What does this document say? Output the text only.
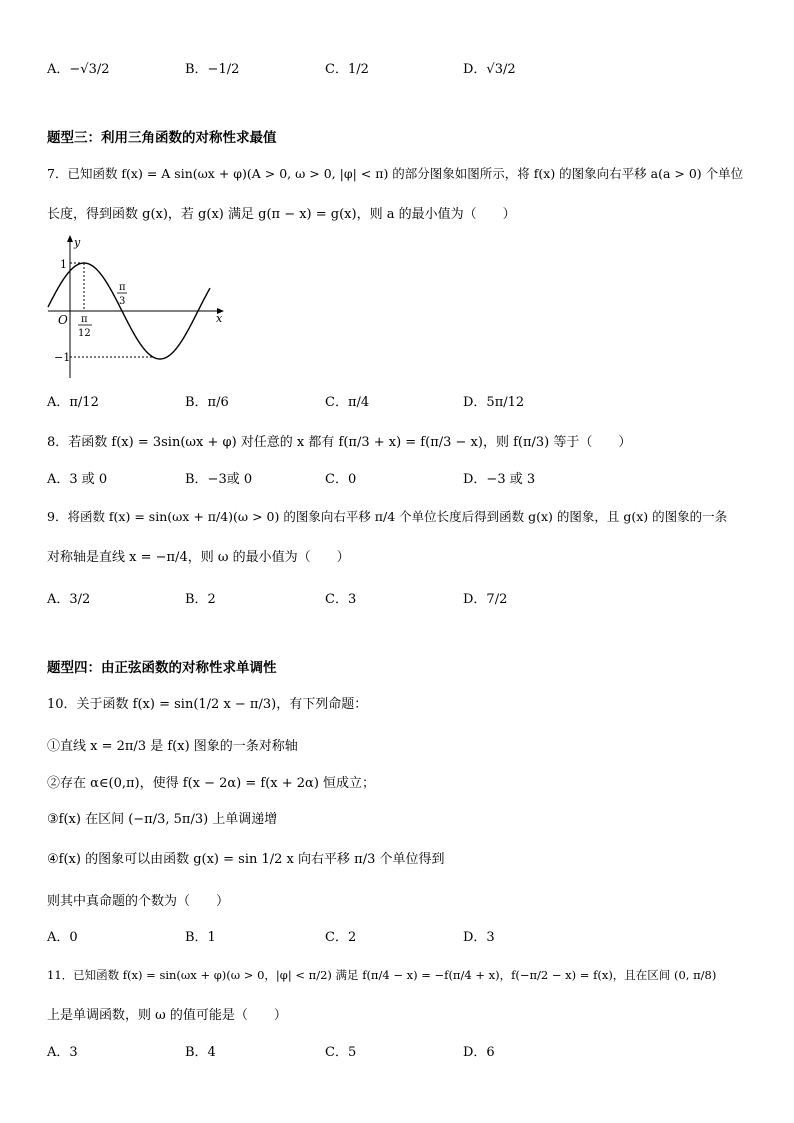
A．−√3/2	B．−1/2	C．1/2	D．√3/2
题型三：利用三角函数的对称性求最值
7．已知函数 f(x) = A sin(ωx + φ)(A > 0, ω > 0, |φ| < π) 的部分图象如图所示，将 f(x) 的图象向右平移 a(a > 0) 个单位
长度，得到函数 g(x)，若 g(x) 满足 g(π − x) = g(x)，则 a 的最小值为（　　）
y
x
O
1
−1
π
12
π
3
A．π/12	B．π/6	C．π/4	D．5π/12
8．若函数 f(x) = 3sin(ωx + φ) 对任意的 x 都有 f(π/3 + x) = f(π/3 − x)，则 f(π/3) 等于（　　）
A．3 或 0	B．−3或 0	C．0	D．−3 或 3
9．将函数 f(x) = sin(ωx + π/4)(ω > 0) 的图象向右平移 π/4 个单位长度后得到函数 g(x) 的图象，且 g(x) 的图象的一条
对称轴是直线 x = −π/4，则 ω 的最小值为（　　）
A．3/2	B．2	C．3	D．7/2
题型四：由正弦函数的对称性求单调性
10．关于函数 f(x) = sin(1/2 x − π/3)，有下列命题：
①直线 x = 2π/3 是 f(x) 图象的一条对称轴
②存在 α∈(0,π)，使得 f(x − 2α) = f(x + 2α) 恒成立；
③f(x) 在区间 (−π/3, 5π/3) 上单调递增
④f(x) 的图象可以由函数 g(x) = sin 1/2 x 向右平移 π/3 个单位得到
则其中真命题的个数为（　　）
A．0	B．1	C．2	D．3
11．已知函数 f(x) = sin(ωx + φ)(ω > 0，|φ| < π/2) 满足 f(π/4 − x) = −f(π/4 + x)，f(−π/2 − x) = f(x)，且在区间 (0, π/8)
上是单调函数，则 ω 的值可能是（　　）
A．3	B．4	C．5	D．6
